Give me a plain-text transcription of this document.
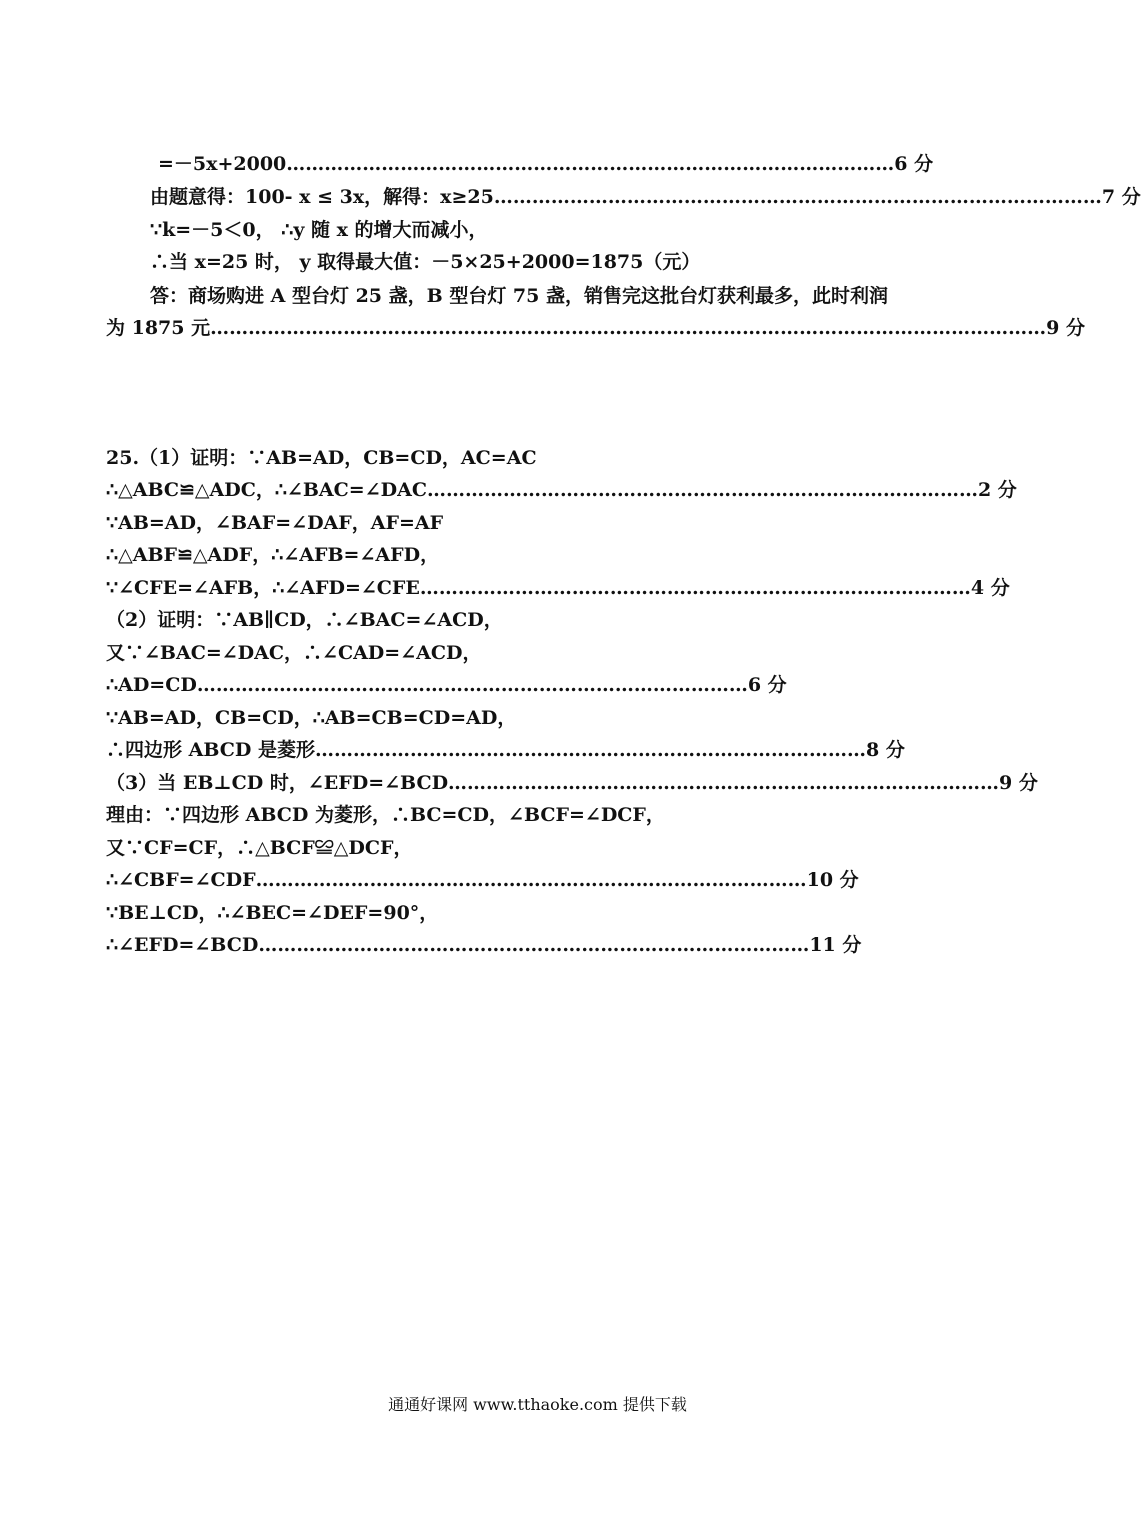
=－5x+2000 …………………………………………………………………………………… 6 分
由题意得：100- x ≤ 3x，解得：x≥25 …………………………………………………………………………………… 7 分
∵k=－5＜0， ∴y 随 x 的增大而减小，
∴当 x=25 时， y 取得最大值：－5×25+2000=1875（元）
答：商场购进 A 型台灯 25 盏，B 型台灯 75 盏，销售完这批台灯获利最多，此时利润
为 1875 元 …………………………………………………………………………………………………………………… 9 分
25.（1）证明：∵AB=AD，CB=CD，AC=AC
∴△ABC≌△ADC，∴∠BAC=∠DAC …………………………………………………………………………… 2 分
∵AB=AD，∠BAF=∠DAF，AF=AF
∴△ABF≌△ADF，∴∠AFB=∠AFD，
∵∠CFE=∠AFB，∴∠AFD=∠CFE …………………………………………………………………………… 4 分
（2）证明：∵AB∥CD，∴∠BAC=∠ACD，
又∵∠BAC=∠DAC，∴∠CAD=∠ACD，
∴AD=CD …………………………………………………………………………… 6 分
∵AB=AD，CB=CD，∴AB=CB=CD=AD，
∴四边形 ABCD 是菱形 …………………………………………………………………………… 8 分
（3）当 EB⊥CD 时，∠EFD=∠BCD …………………………………………………………………………… 9 分
理由：∵四边形 ABCD 为菱形，∴BC=CD，∠BCF=∠DCF，
又∵CF=CF，∴△BCF≌△DCF，
∴∠CBF=∠CDF …………………………………………………………………………… 10 分
∵BE⊥CD，∴∠BEC=∠DEF=90°，
∴∠EFD=∠BCD …………………………………………………………………………… 11 分
通通好课网 www.tthaoke.com 提供下载
